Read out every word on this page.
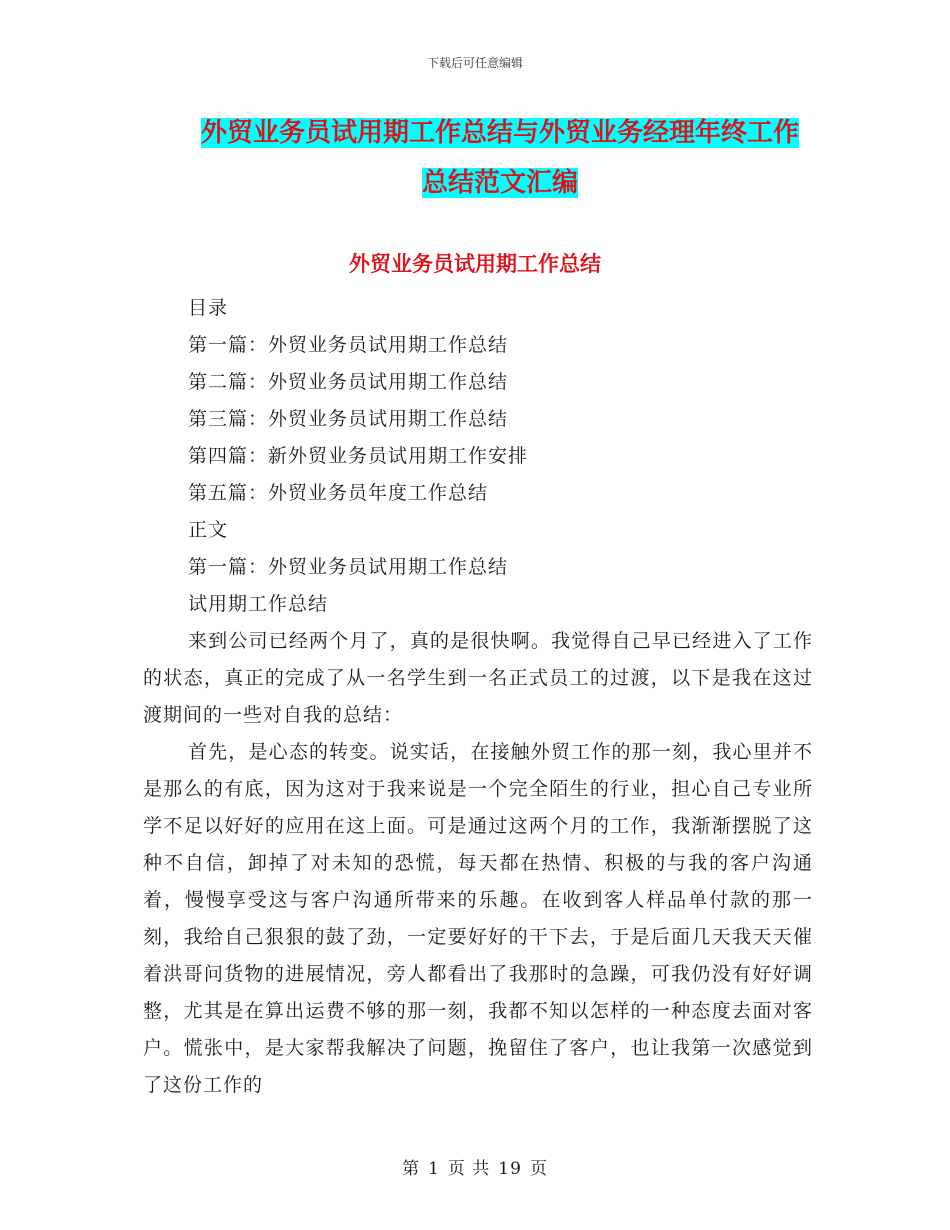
下载后可任意编辑
外贸业务员试用期工作总结与外贸业务经理年终工作
总结范文汇编
外贸业务员试用期工作总结
目录
第一篇：外贸业务员试用期工作总结
第二篇：外贸业务员试用期工作总结
第三篇：外贸业务员试用期工作总结
第四篇：新外贸业务员试用期工作安排
第五篇：外贸业务员年度工作总结
正文
第一篇：外贸业务员试用期工作总结
试用期工作总结

来到公司已经两个月了，真的是很快啊。我觉得自己早已经进入了工作的状态，真正的完成了从一名学生到一名正式员工的过渡，以下是我在这过渡期间的一些对自我的总结：

首先，是心态的转变。说实话，在接触外贸工作的那一刻，我心里并不是那么的有底，因为这对于我来说是一个完全陌生的行业，担心自己专业所学不足以好好的应用在这上面。可是通过这两个月的工作，我渐渐摆脱了这种不自信，卸掉了对未知的恐慌，每天都在热情、积极的与我的客户沟通着，慢慢享受这与客户沟通所带来的乐趣。在收到客人样品单付款的那一刻，我给自己狠狠的鼓了劲，一定要好好的干下去，于是后面几天我天天催着洪哥问货物的进展情况，旁人都看出了我那时的急躁，可我仍没有好好调整，尤其是在算出运费不够的那一刻，我都不知以怎样的一种态度去面对客户。慌张中，是大家帮我解决了问题，挽留住了客户，也让我第一次感觉到了这份工作的

第 1 页 共 19 页
